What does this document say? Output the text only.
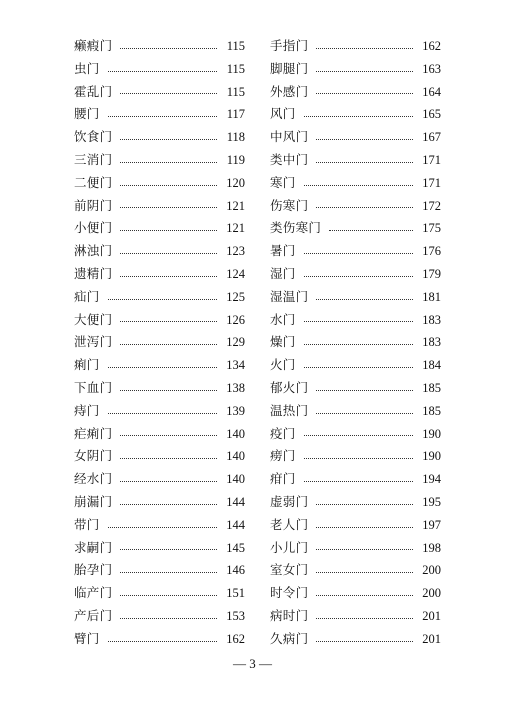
癞瘕门	115
虫门	115
霍乱门	115
腰门	117
饮食门	118
三消门	119
二便门	120
前阴门	121
小便门	121
淋浊门	123
遗精门	124
疝门	125
大便门	126
泄泻门	129
痢门	134
下血门	138
痔门	139
疟痢门	140
女阴门	140
经水门	140
崩漏门	144
带门	144
求嗣门	145
胎孕门	146
临产门	151
产后门	153
臂门	162
手指门	162
脚腿门	163
外感门	164
风门	165
中风门	167
类中门	171
寒门	171
伤寒门	172
类伤寒门	175
暑门	176
湿门	179
湿温门	181
水门	183
燥门	183
火门	184
郁火门	185
温热门	185
疫门	190
痨门	190
疳门	194
虚弱门	195
老人门	197
小儿门	198
室女门	200
时令门	200
病时门	201
久病门	201
— 3 —
